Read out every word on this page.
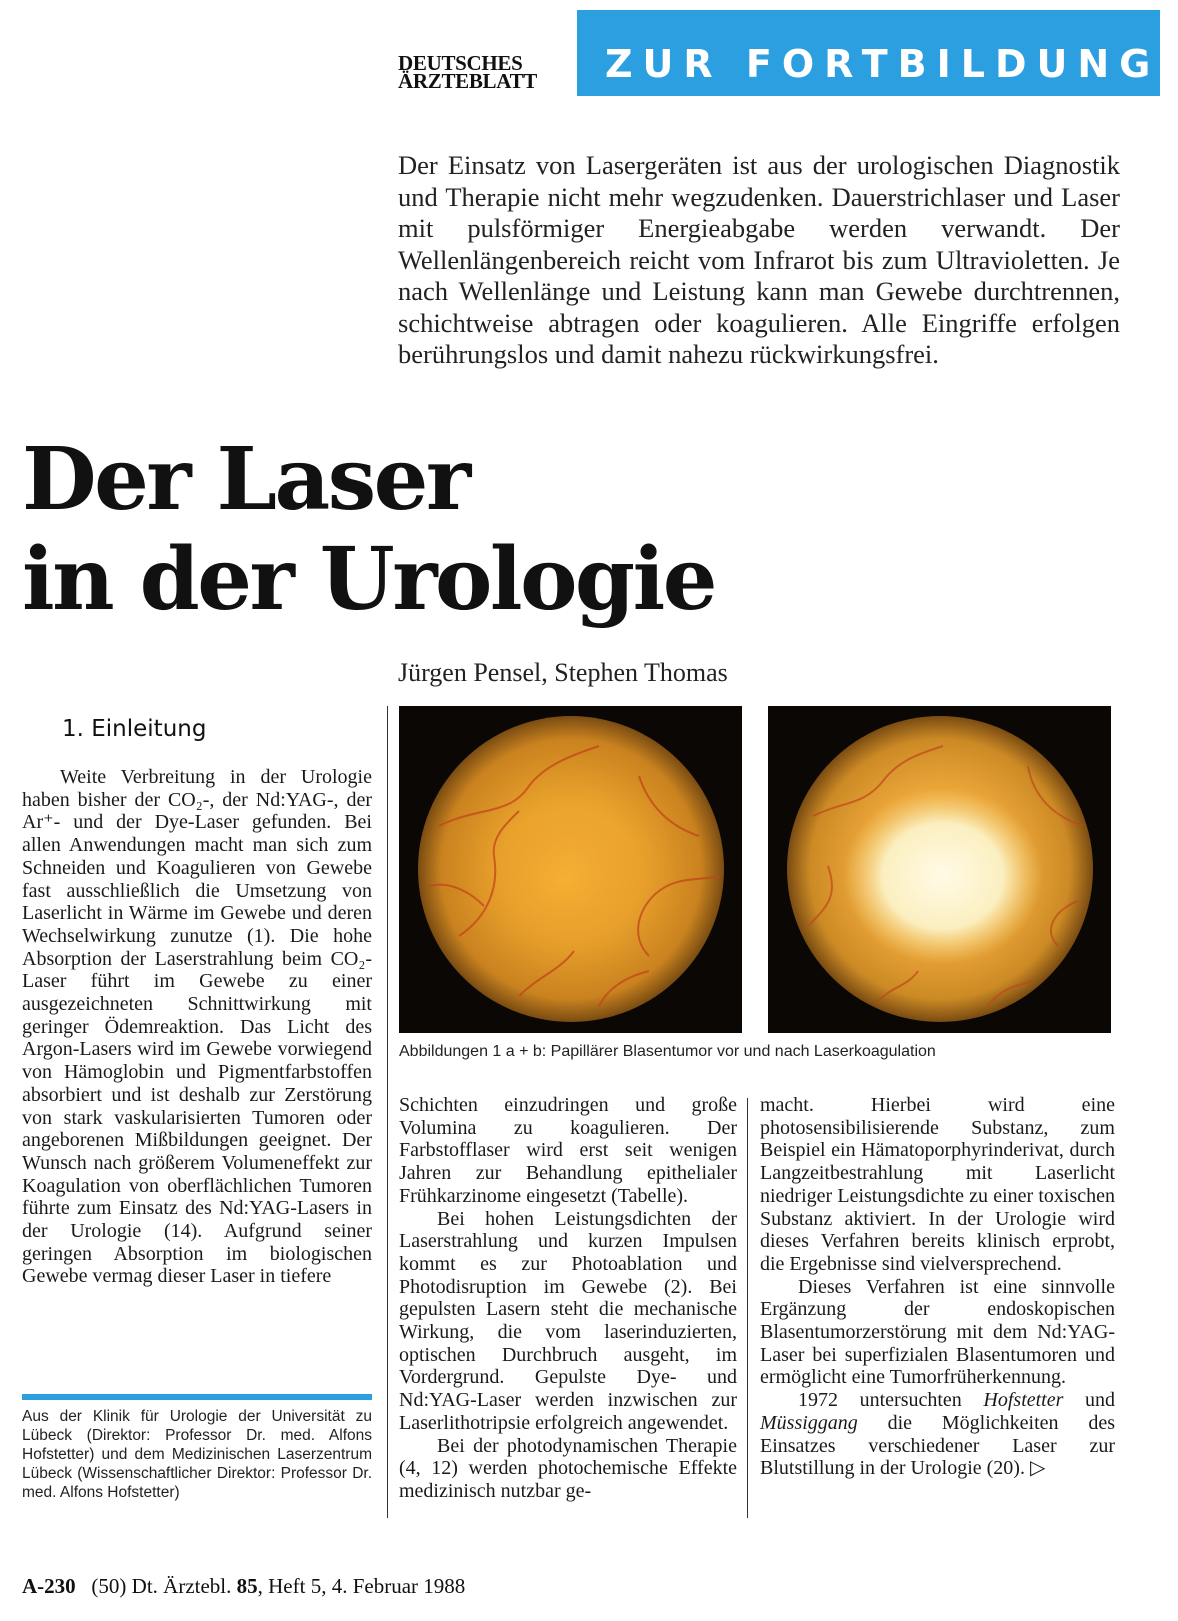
DEUTSCHES
ÄRZTEBLATT	ZUR FORTBILDUNG
Der Einsatz von Lasergeräten ist aus der urologischen Diagnostik und Therapie nicht mehr wegzudenken. Dauerstrichlaser und Laser mit pulsförmiger Energieabgabe werden verwandt. Der Wellenlängenbereich reicht vom Infrarot bis zum Ultravioletten. Je nach Wellenlänge und Leistung kann man Gewebe durchtrennen, schichtweise abtragen oder koagulieren. Alle Eingriffe erfolgen berührungslos und damit nahezu rückwirkungsfrei.
Der Laser
in der Urologie
Jürgen Pensel, Stephen Thomas
1. Einleitung

Weite Verbreitung in der Urologie haben bisher der CO₂-, der Nd:YAG-, der Ar⁺- und der Dye-Laser gefunden. Bei allen Anwendungen macht man sich zum Schneiden und Koagulieren von Gewebe fast ausschließlich die Umsetzung von Laserlicht in Wärme im Gewebe und deren Wechselwirkung zunutze (1). Die hohe Absorption der Laserstrahlung beim CO₂-Laser führt im Gewebe zu einer ausgezeichneten Schnittwirkung mit geringer Ödemreaktion. Das Licht des Argon-Lasers wird im Gewebe vorwiegend von Hämoglobin und Pigmentfarbstoffen absorbiert und ist deshalb zur Zerstörung von stark vaskularisierten Tumoren oder angeborenen Mißbildungen geeignet. Der Wunsch nach größerem Volumeneffekt zur Koagulation von oberflächlichen Tumoren führte zum Einsatz des Nd:YAG-Lasers in der Urologie (14). Aufgrund seiner geringen Absorption im biologischen Gewebe vermag dieser Laser in tiefere

Abbildungen 1 a + b: Papillärer Blasentumor vor und nach Laserkoagulation

Schichten einzudringen und große Volumina zu koagulieren. Der Farbstofflaser wird erst seit wenigen Jahren zur Behandlung epithelialer Frühkarzinome eingesetzt (Tabelle).

Bei hohen Leistungsdichten der Laserstrahlung und kurzen Impulsen kommt es zur Photoablation und Photodisruption im Gewebe (2). Bei gepulsten Lasern steht die mechanische Wirkung, die vom laserinduzierten, optischen Durchbruch ausgeht, im Vordergrund. Gepulste Dye- und Nd:YAG-Laser werden inzwischen zur Laserlithotripsie erfolgreich angewendet.

Bei der photodynamischen Therapie (4, 12) werden photochemische Effekte medizinisch nutzbar ge-

macht. Hierbei wird eine photosensibilisierende Substanz, zum Beispiel ein Hämatoporphyrinderivat, durch Langzeitbestrahlung mit Laserlicht niedriger Leistungsdichte zu einer toxischen Substanz aktiviert. In der Urologie wird dieses Verfahren bereits klinisch erprobt, die Ergebnisse sind vielversprechend.

Dieses Verfahren ist eine sinnvolle Ergänzung der endoskopischen Blasentumorzerstörung mit dem Nd:YAG-Laser bei superfizialen Blasentumoren und ermöglicht eine Tumorfrüherkennung.

1972 untersuchten Hofstetter und Müssiggang die Möglichkeiten des Einsatzes verschiedener Laser zur Blutstillung in der Urologie (20). ▷

Aus der Klinik für Urologie der Universität zu Lübeck (Direktor: Professor Dr. med. Alfons Hofstetter) und dem Medizinischen Laserzentrum Lübeck (Wissenschaftlicher Direktor: Professor Dr. med. Alfons Hofstetter)
A-230 (50) Dt. Ärztebl. 85, Heft 5, 4. Februar 1988
